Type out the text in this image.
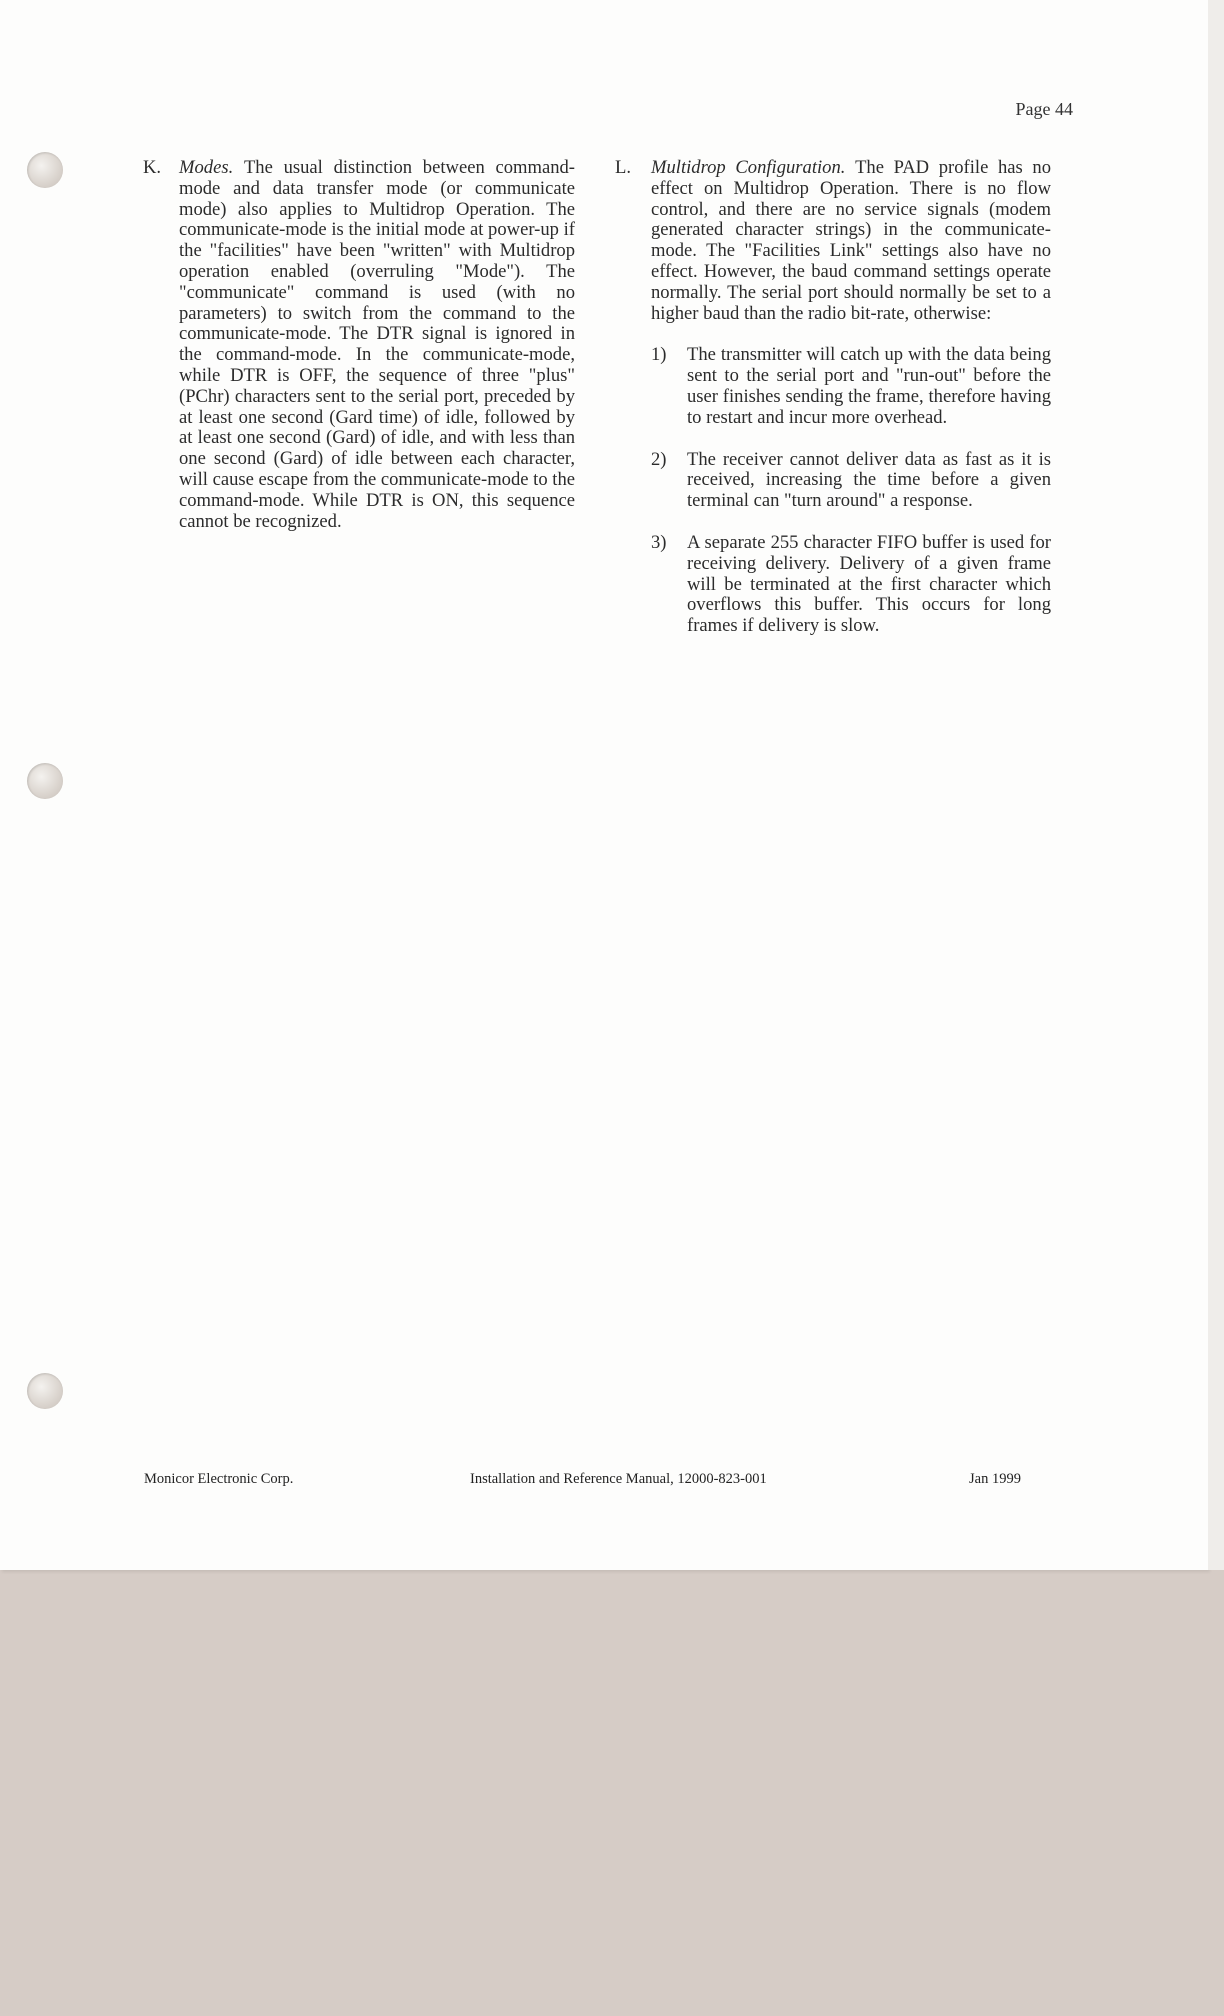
Page 44
K. Modes. The usual distinction between command-mode and data transfer mode (or communicate mode) also applies to Multidrop Operation. The communicate-mode is the initial mode at power-up if the "facilities" have been "written" with Multidrop operation enabled (overruling "Mode"). The "communicate" command is used (with no parameters) to switch from the command to the communicate-mode. The DTR signal is ignored in the command-mode. In the communicate-mode, while DTR is OFF, the sequence of three "plus" (PChr) characters sent to the serial port, preceded by at least one second (Gard time) of idle, followed by at least one second (Gard) of idle, and with less than one second (Gard) of idle between each character, will cause escape from the communicate-mode to the command-mode. While DTR is ON, this sequence cannot be recognized.
L. Multidrop Configuration. The PAD profile has no effect on Multidrop Operation. There is no flow control, and there are no service signals (modem generated character strings) in the communicate-mode. The "Facilities Link" settings also have no effect. However, the baud command settings operate normally. The serial port should normally be set to a higher baud than the radio bit-rate, otherwise:
1) The transmitter will catch up with the data being sent to the serial port and "run-out" before the user finishes sending the frame, therefore having to restart and incur more overhead.
2) The receiver cannot deliver data as fast as it is received, increasing the time before a given terminal can "turn around" a response.
3) A separate 255 character FIFO buffer is used for receiving delivery. Delivery of a given frame will be terminated at the first character which overflows this buffer. This occurs for long frames if delivery is slow.
Monicor Electronic Corp.	Installation and Reference Manual, 12000-823-001	Jan 1999
